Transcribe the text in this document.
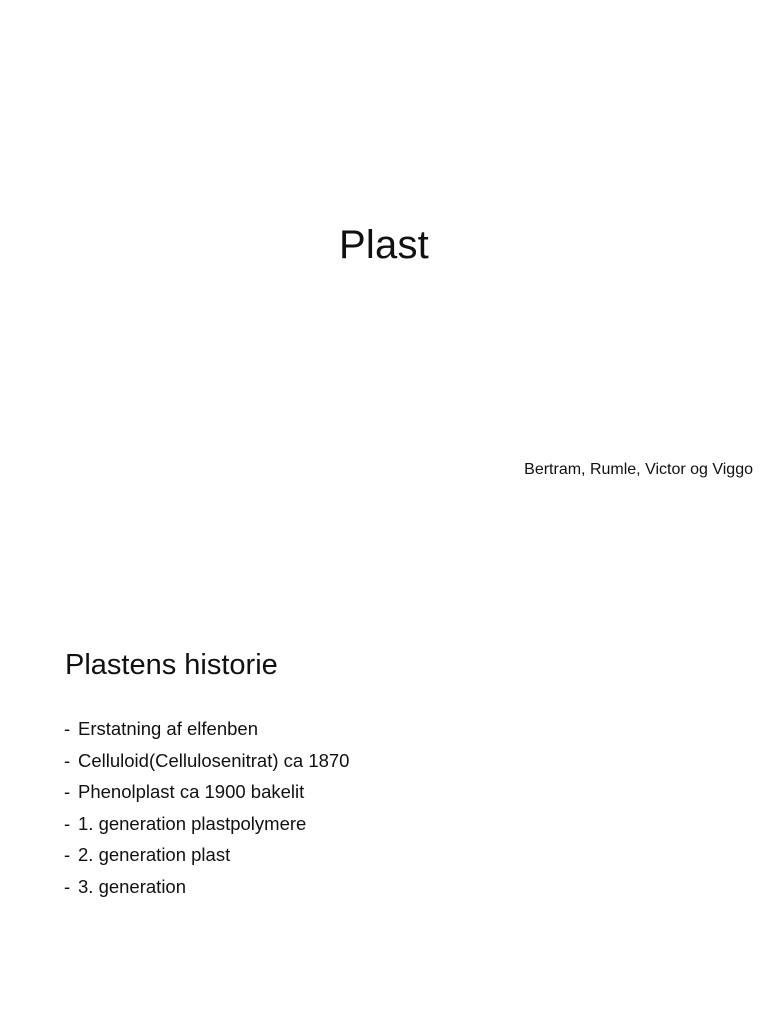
Plast
Bertram, Rumle, Victor og Viggo
Plastens historie
- Erstatning af elfenben
- Celluloid(Cellulosenitrat) ca 1870
- Phenolplast ca 1900 bakelit
- 1. generation plastpolymere
- 2. generation plast
- 3. generation
